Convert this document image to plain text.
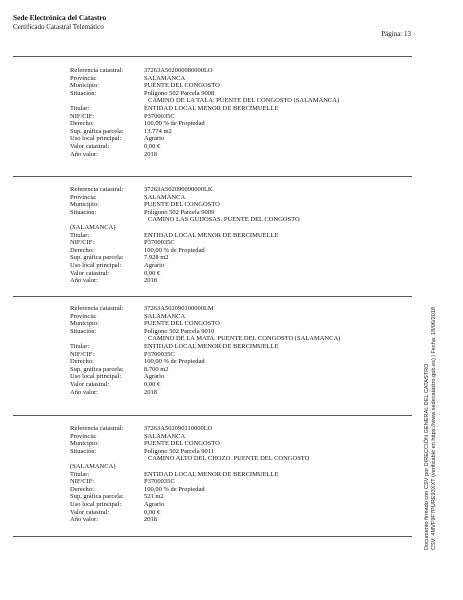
Sede Electrónica del Catastro
Certificado Catastral Telemático
Página: 13
Referencia catastral:	37263A502000080000LO
Provincia:	SALAMANCA
Municipio:	PUENTE DEL CONGOSTO
Situación:	Polígono 502 Parcela 9008
CAMINO DE LA TALA. PUENTE DEL CONGOSTO (SALAMANCA)
Titular:	ENTIDAD LOCAL MENOR DE BERCIMUELLE
NIF/CIF:	P3700035C
Derecho:	100,00 % de Propiedad
Sup. gráfica parcela:	13.774 m2
Uso local principal:	Agrario
Valor catastral:	0,00 €
Año valor:	2018
Referencia catastral:	37263A502090090000LK
Provincia:	SALAMANCA
Municipio:	PUENTE DEL CONGOSTO
Situación:	Polígono 502 Parcela 9009
CAMINO LAS GUIJOSAS. PUENTE DEL CONGOSTO
(SALAMANCA)
Titular:	ENTIDAD LOCAL MENOR DE BERCIMUELLE
NIF/CIF:	P3700035C
Derecho:	100,00 % de Propiedad
Sup. gráfica parcela:	7.928 m2
Uso local principal:	Agrario
Valor catastral:	0,00 €
Año valor:	2018
Referencia catastral:	37263A502090100000LM
Provincia:	SALAMANCA
Municipio:	PUENTE DEL CONGOSTO
Situación:	Polígono 502 Parcela 9010
CAMINO DE LA MATA. PUENTE DEL CONGOSTO (SALAMANCA)
Titular:	ENTIDAD LOCAL MENOR DE BERCIMUELLE
NIF/CIF:	P3700035C
Derecho:	100,00 % de Propiedad
Sup. gráfica parcela:	8.700 m2
Uso local principal:	Agrario
Valor catastral:	0,00 €
Año valor:	2018
Referencia catastral:	37263A502090110000LO
Provincia:	SALAMANCA
Municipio:	PUENTE DEL CONGOSTO
Situación:	Polígono 502 Parcela 9011
CAMINO ALTO DEL CHOZO. PUENTE DEL CONGOSTO
(SALAMANCA)
Titular:	ENTIDAD LOCAL MENOR DE BERCIMUELLE
NIF/CIF:	P3700035C
Derecho:	100,00 % de Propiedad
Sup. gráfica parcela:	521 m2
Uso local principal:	Agrario
Valor catastral:	0,00 €
Año valor:	2018	Documento firmado con CSV por DIRECCIÓN GENERAL DEL CATASTRO CSV: 4MVF9F7PURE93XXT (verificable en https://www.sedecatastro.gob.es) | Fecha: 18/06/2018
